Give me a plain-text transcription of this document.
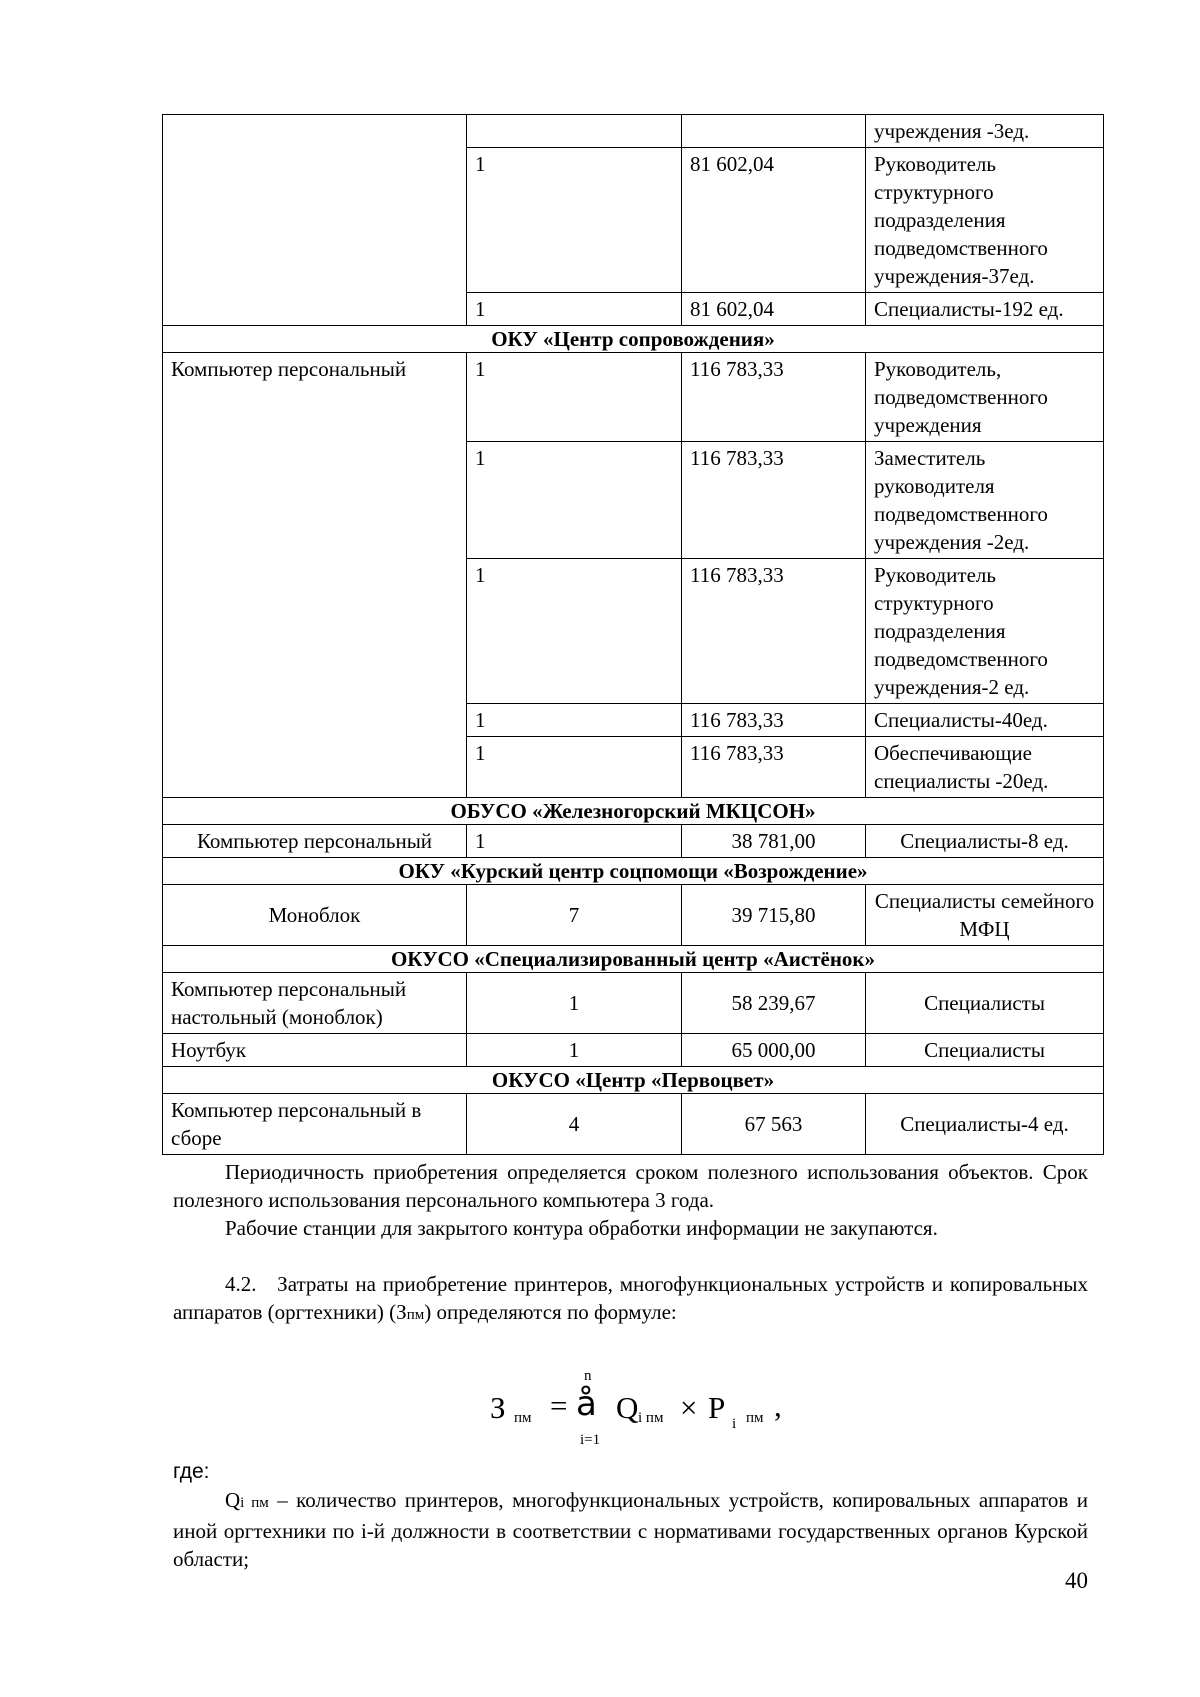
			учреждения -3ед.
	1	81 602,04	Руководитель структурного подразделения подведомственного учреждения-37ед.
	1	81 602,04	Специалисты-192 ед.
ОКУ «Центр сопровождения»			
Компьютер персональный	1	116 783,33	Руководитель, подведомственного учреждения
	1	116 783,33	Заместитель руководителя подведомственного учреждения -2ед.
	1	116 783,33	Руководитель структурного подразделения подведомственного учреждения-2 ед.
	1	116 783,33	Специалисты-40ед.
	1	116 783,33	Обеспечивающие специалисты -20ед.
ОБУСО «Железногорский МКЦСОН»			
Компьютер персональный	1	38 781,00	Специалисты-8 ед.
ОКУ «Курский центр соцпомощи «Возрождение»			
Моноблок	7	39 715,80	Специалисты семейного МФЦ
ОКУСО «Специализированный центр «Аистёнок»			
Компьютер персональный настольный (моноблок)	1	58 239,67	Специалисты
Ноутбук	1	65 000,00	Специалисты
ОКУСО «Центр «Первоцвет»			
Компьютер персональный в сборе	4	67 563	Специалисты-4 ед.
Периодичность приобретения определяется сроком полезного использования объектов. Срок полезного использования персонального компьютера 3 года.
Рабочие станции для закрытого контура обработки информации не закупаются.
4.2. Затраты на приобретение принтеров, многофункциональных устройств и копировальных аппаратов (оргтехники) (Зпм) определяются по формуле:
З пм =
n
å
i=1
Q i пм × P i пм ,
где:
Qi пм – количество принтеров, многофункциональных устройств, копировальных аппаратов и иной оргтехники по i-й должности в соответствии с нормативами государственных органов Курской области;
40
